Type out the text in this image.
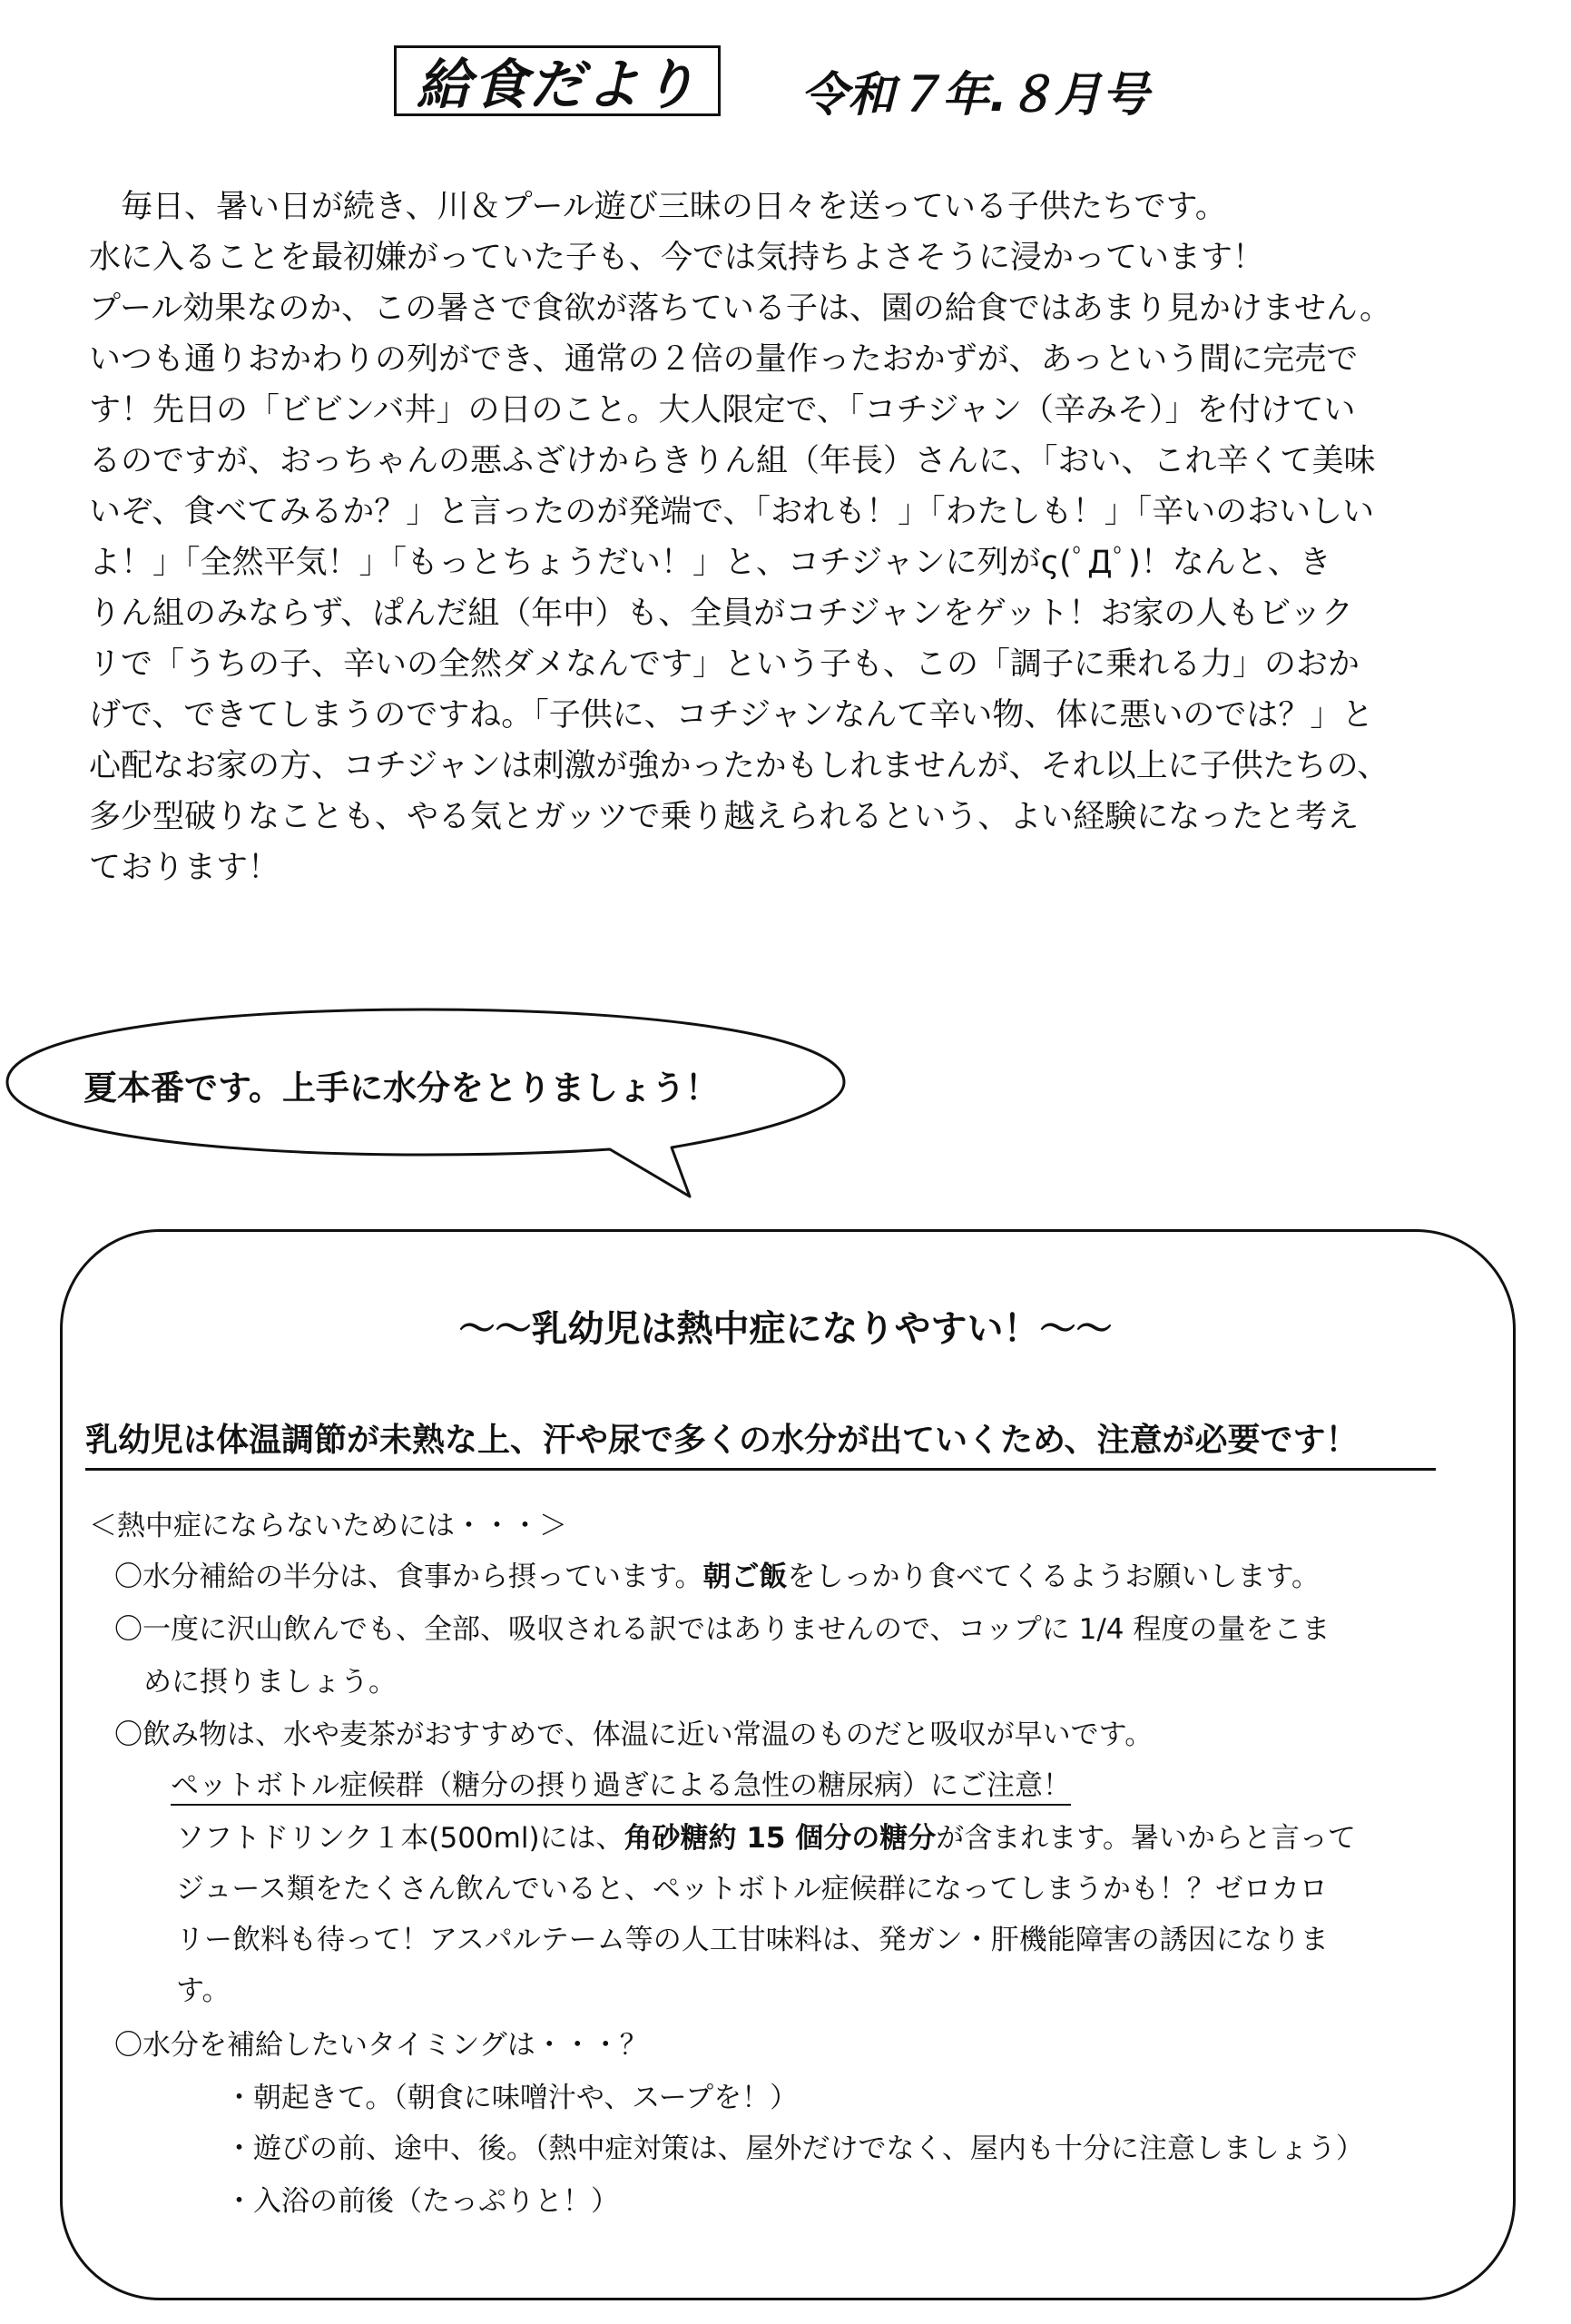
給食だより 令和７年.８月号
　毎日、暑い日が続き、川＆プール遊び三昧の日々を送っている子供たちです。
水に入ることを最初嫌がっていた子も、今では気持ちよさそうに浸かっています！
プール効果なのか、この暑さで食欲が落ちている子は、園の給食ではあまり見かけません。
いつも通りおかわりの列ができ、通常の２倍の量作ったおかずが、あっという間に完売で
す！先日の「ビビンバ丼」の日のこと。大人限定で、「コチジャン（辛みそ）」を付けてい
るのですが、おっちゃんの悪ふざけからきりん組（年長）さんに、「おい、これ辛くて美味
いぞ、食べてみるか？」と言ったのが発端で、「おれも！」「わたしも！」「辛いのおいしい
よ！」「全然平気！」「もっとちょうだい！」と、コチジャンに列がς(ﾟДﾟ)！なんと、き
りん組のみならず、ぱんだ組（年中）も、全員がコチジャンをゲット！お家の人もビック
リで「うちの子、辛いの全然ダメなんです」という子も、この「調子に乗れる力」のおか
げで、できてしまうのですね。「子供に、コチジャンなんて辛い物、体に悪いのでは？」と
心配なお家の方、コチジャンは刺激が強かったかもしれませんが、それ以上に子供たちの、
多少型破りなことも、やる気とガッツで乗り越えられるという、よい経験になったと考え
ております！
夏本番です。上手に水分をとりましょう！
～～乳幼児は熱中症になりやすい！～～
乳幼児は体温調節が未熟な上、汗や尿で多くの水分が出ていくため、注意が必要です！
＜熱中症にならないためには・・・＞
〇水分補給の半分は、食事から摂っています。朝ご飯をしっかり食べてくるようお願いします。
〇一度に沢山飲んでも、全部、吸収される訳ではありませんので、コップに 1/4 程度の量をこま
めに摂りましょう。
〇飲み物は、水や麦茶がおすすめで、体温に近い常温のものだと吸収が早いです。
ペットボトル症候群（糖分の摂り過ぎによる急性の糖尿病）にご注意！
ソフトドリンク１本(500ml)には、角砂糖約 15 個分の糖分が含まれます。暑いからと言って
ジュース類をたくさん飲んでいると、ペットボトル症候群になってしまうかも！？ゼロカロ
リー飲料も待って！アスパルテーム等の人工甘味料は、発ガン・肝機能障害の誘因になりま
す。
〇水分を補給したいタイミングは・・・？
・朝起きて。（朝食に味噌汁や、スープを！）
・遊びの前、途中、後。（熱中症対策は、屋外だけでなく、屋内も十分に注意しましょう）
・入浴の前後（たっぷりと！）
